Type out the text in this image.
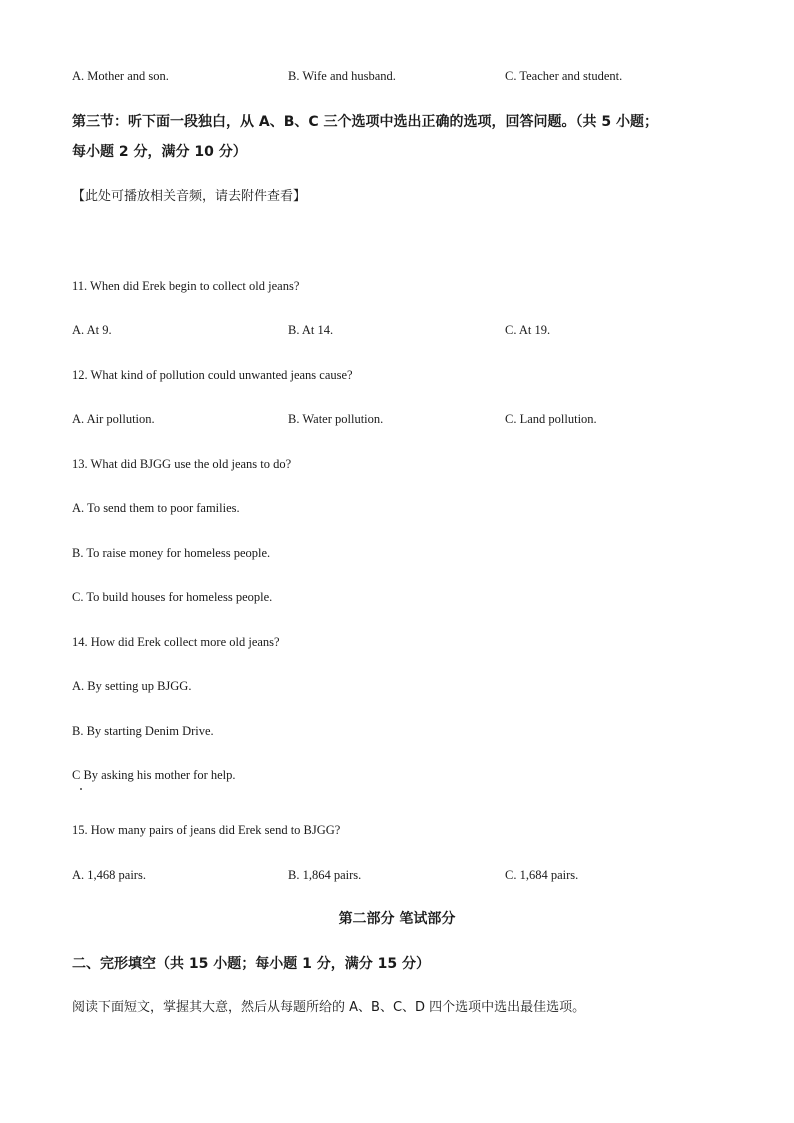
A. Mother and son.	B. Wife and husband.	C. Teacher and student.
第三节：听下面一段独白，从 A、B、C 三个选项中选出正确的选项，回答问题。（共 5 小题；
每小题 2 分，满分 10 分）
【此处可播放相关音频，请去附件查看】
11. When did Erek begin to collect old jeans?
A. At 9.	B. At 14.	C. At 19.
12. What kind of pollution could unwanted jeans cause?
A. Air pollution.	B. Water pollution.	C. Land pollution.
13. What did BJGG use the old jeans to do?
A. To send them to poor families.
B. To raise money for homeless people.
C. To build houses for homeless people.
14. How did Erek collect more old jeans?
A. By setting up BJGG.
B. By starting Denim Drive.
C By asking his mother for help.
15. How many pairs of jeans did Erek send to BJGG?
A. 1,468 pairs.	B. 1,864 pairs.	C. 1,684 pairs.
第二部分 笔试部分
二、完形填空（共 15 小题；每小题 1 分，满分 15 分）
阅读下面短文，掌握其大意，然后从每题所给的 A、B、C、D 四个选项中选出最佳选项。
